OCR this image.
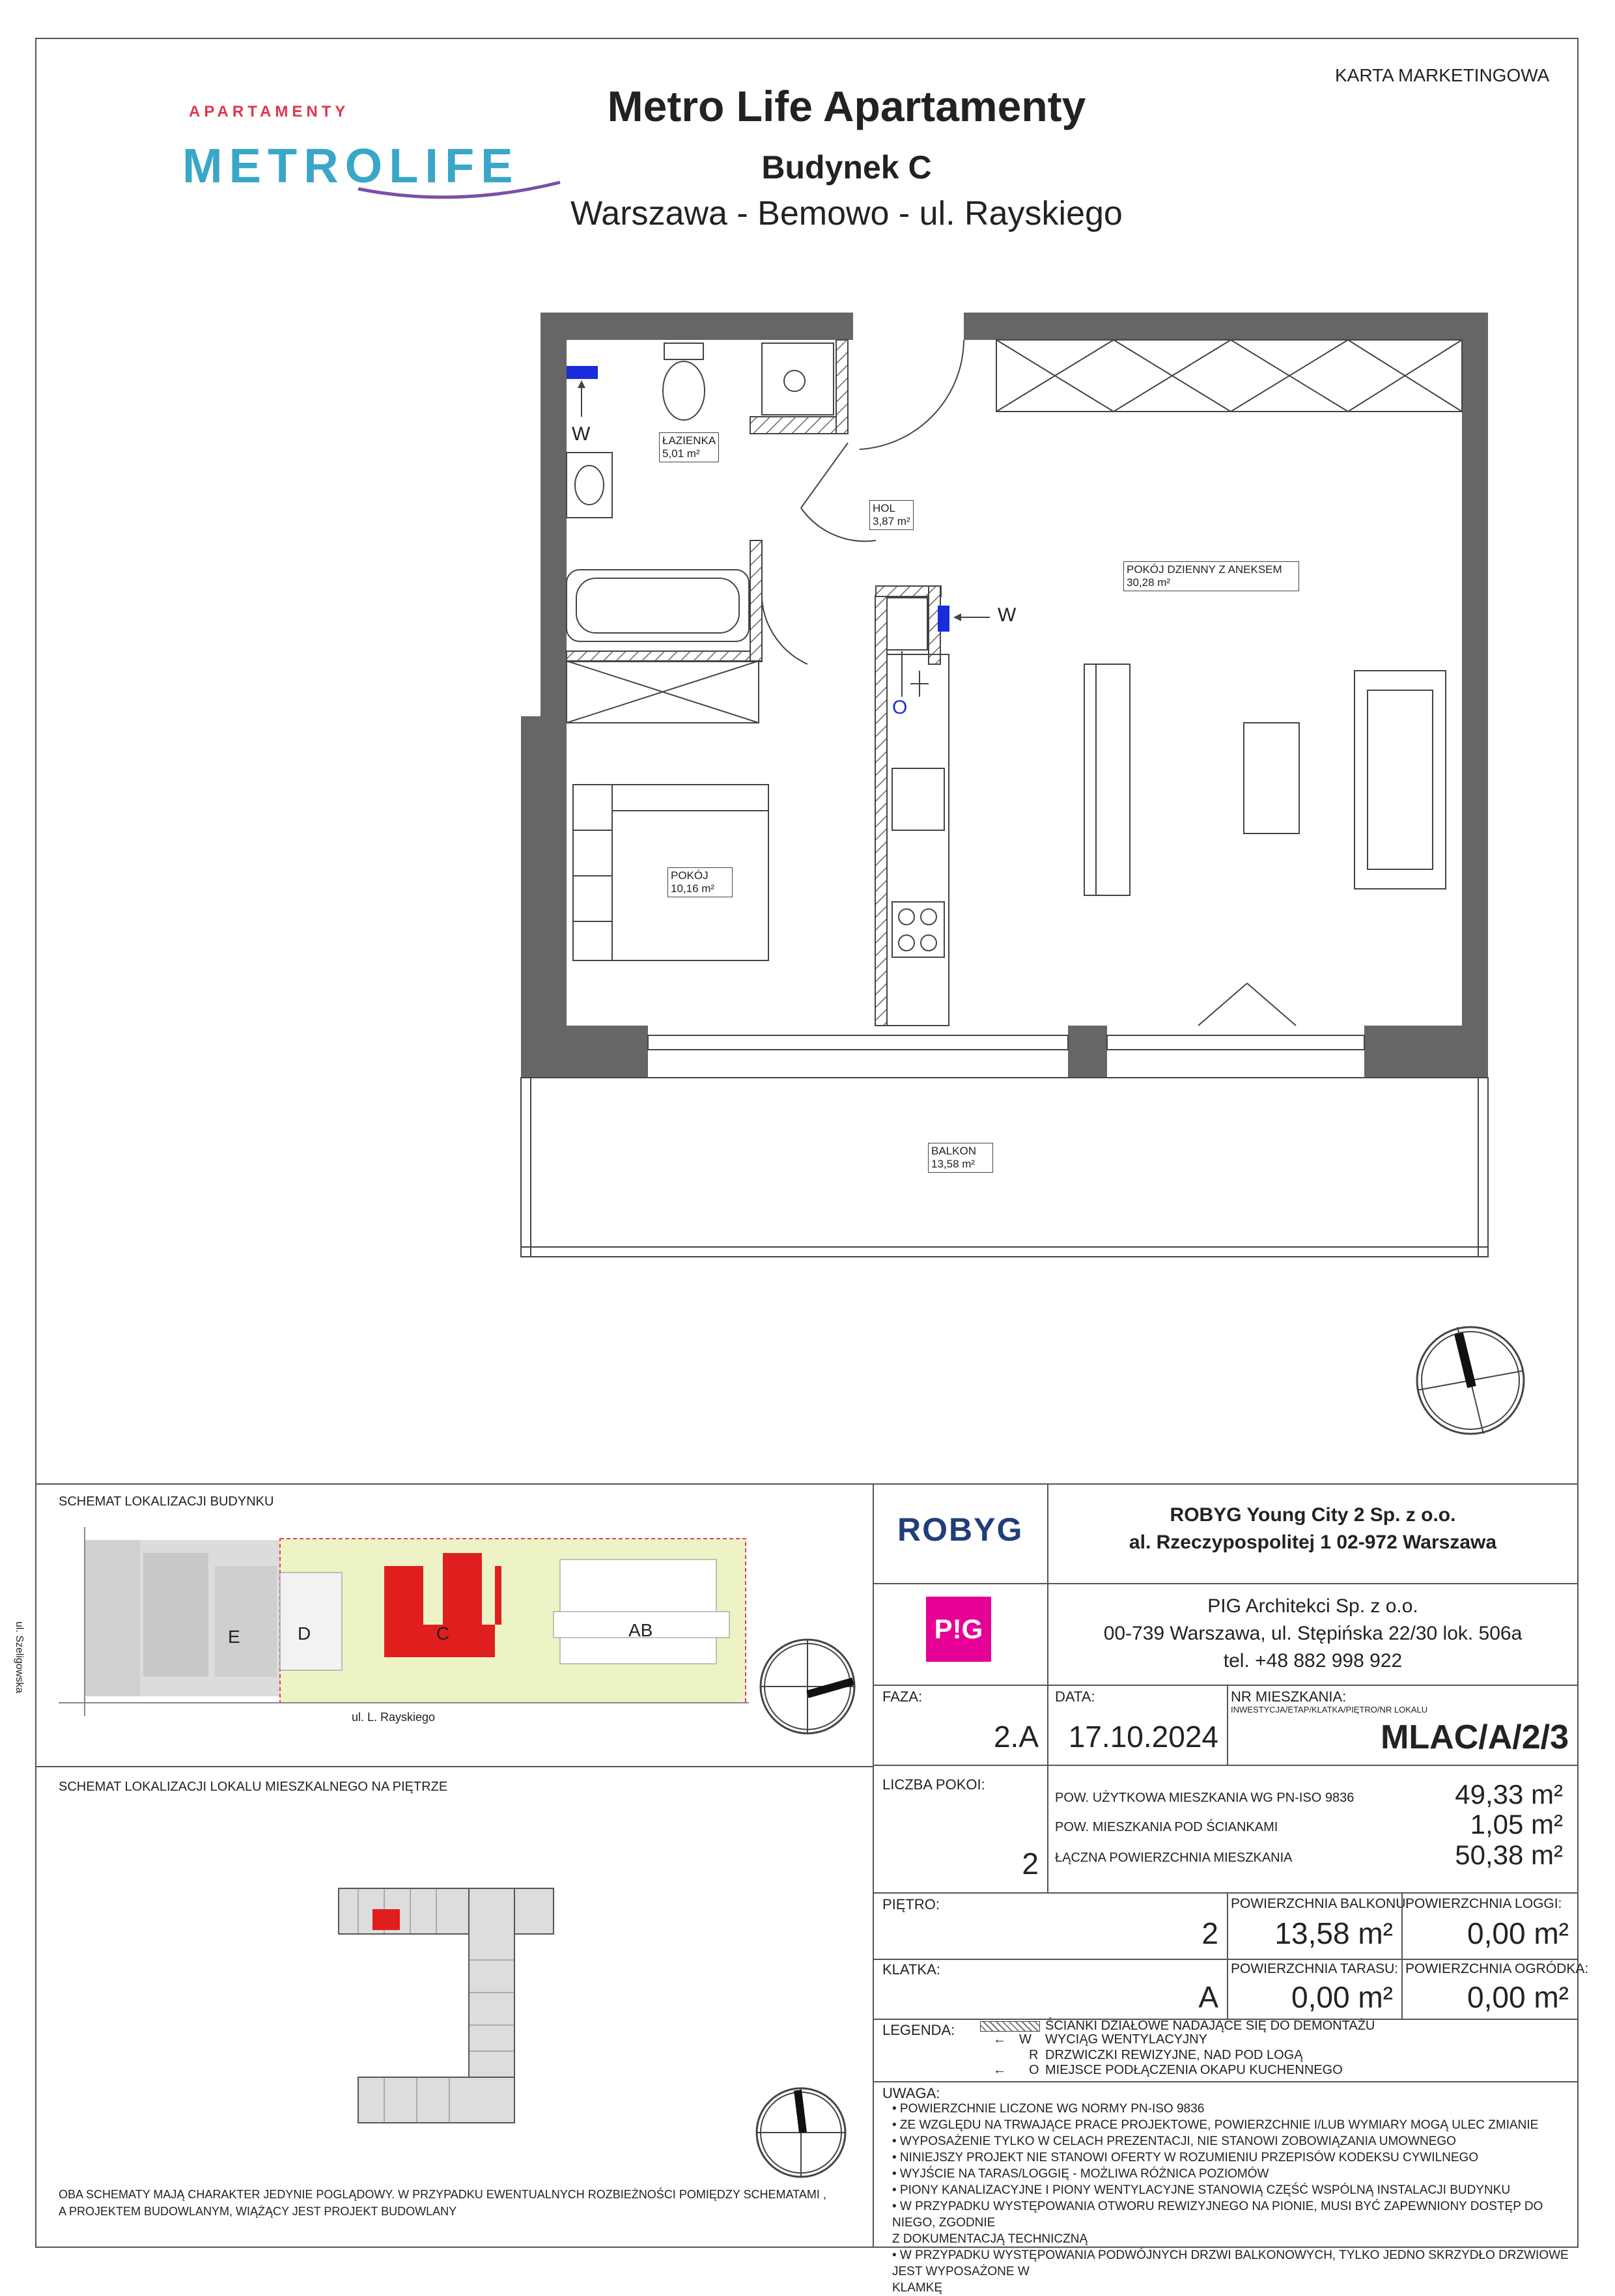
KARTA MARKETINGOWA
APARTAMENTY
METROLIFE
Metro Life Apartamenty
Budynek C
Warszawa - Bemowo - ul. Rayskiego
W
W
O
ŁAZIENKA
5,01 m²
HOL
3,87 m²
POKÓJ DZIENNY Z ANEKSEM
30,28 m²
POKÓJ
10,16 m²
BALKON
13,58 m²
SCHEMAT LOKALIZACJI BUDYNKU
ul. Szeligowska
ul. L. Rayskiego
E	D	C	AB
SCHEMAT LOKALIZACJI LOKALU MIESZKALNEGO NA PIĘTRZE
OBA SCHEMATY MAJĄ CHARAKTER JEDYNIE POGLĄDOWY. W PRZYPADKU EWENTUALNYCH ROZBIEŻNOŚCI POMIĘDZY SCHEMATAMI ,
A PROJEKTEM BUDOWLANYM, WIĄŻĄCY JEST PROJEKT BUDOWLANY
ROBYG	ROBYG Young City 2 Sp. z o.o.
al. Rzeczypospolitej 1 02-972 Warszawa
P!G
PIG Architekci Sp. z o.o.
00-739 Warszawa, ul. Stępińska 22/30 lok. 506a
tel. +48 882 998 922
FAZA:
2.A
DATA:
17.10.2024
NR MIESZKANIA:
INWESTYCJA/ETAP/KLATKA/PIĘTRO/NR LOKALU
MLAC/A/2/3
LICZBA POKOI:
2
POW. UŻYTKOWA MIESZKANIA WG PN-ISO 9836	49,33 m²
POW. MIESZKANIA POD ŚCIANKAMI	1,05 m²
ŁĄCZNA POWIERZCHNIA MIESZKANIA	50,38 m²
PIĘTRO:
2
POWIERZCHNIA BALKONU:
13,58 m²
POWIERZCHNIA LOGGI:
0,00 m²
KLATKA:
A
POWIERZCHNIA TARASU:
0,00 m²
POWIERZCHNIA OGRÓDKA:
0,00 m²
LEGENDA:	ŚCIANKI DZIAŁOWE NADAJĄCE SIĘ DO DEMONTAŻU
W WYCIĄG WENTYLACYJNY
R DRZWICZKI REWIZYJNE, NAD POD LOGĄ
O MIEJSCE PODŁĄCZENIA OKAPU KUCHENNEGO
←
←
UWAGA:
• POWIERZCHNIE LICZONE WG NORMY PN-ISO 9836
• ZE WZGLĘDU NA TRWAJĄCE PRACE PROJEKTOWE, POWIERZCHNIE I/LUB WYMIARY MOGĄ ULEC ZMIANIE
• WYPOSAŻENIE TYLKO W CELACH PREZENTACJI, NIE STANOWI ZOBOWIĄZANIA UMOWNEGO
• NINIEJSZY PROJEKT NIE STANOWI OFERTY W ROZUMIENIU PRZEPISÓW KODEKSU CYWILNEGO
• WYJŚCIE NA TARAS/LOGGIĘ - MOŻLIWA RÓŻNICA POZIOMÓW
• PIONY KANALIZACYJNE I PIONY WENTYLACYJNE STANOWIĄ CZĘŚĆ WSPÓLNĄ INSTALACJI BUDYNKU
• W PRZYPADKU WYSTĘPOWANIA OTWORU REWIZYJNEGO NA PIONIE, MUSI BYĆ ZAPEWNIONY DOSTĘP DO NIEGO, ZGODNIE
Z DOKUMENTACJĄ TECHNICZNĄ
• W PRZYPADKU WYSTĘPOWANIA PODWÓJNYCH DRZWI BALKONOWYCH, TYLKO JEDNO SKRZYDŁO DRZWIOWE JEST WYPOSAŻONE W
KLAMKĘ
